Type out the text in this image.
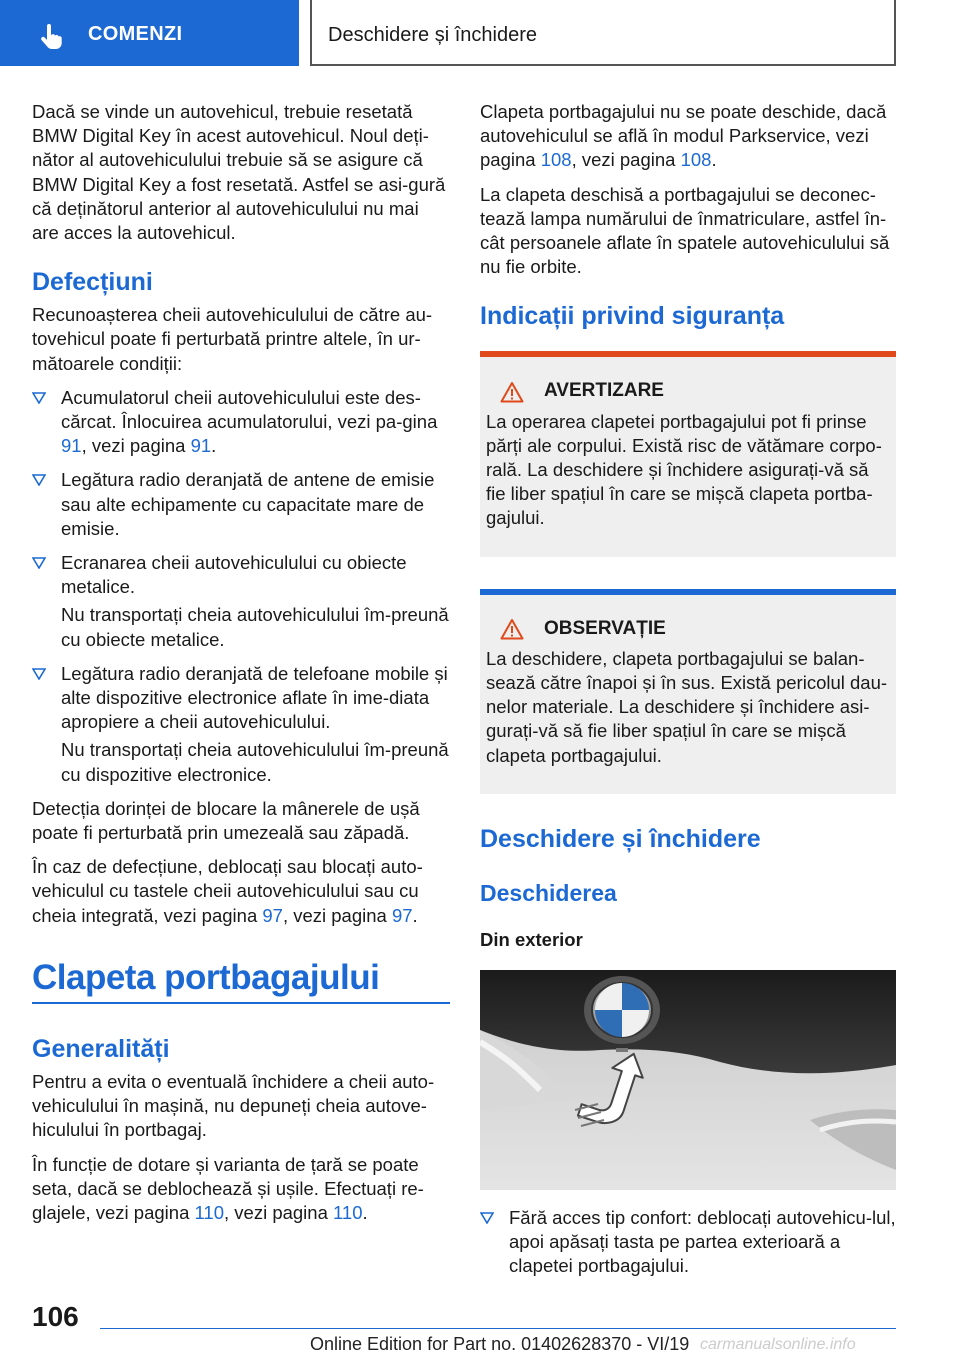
COMENZI	Deschidere și închidere

Dacă se vinde un autovehicul, trebuie resetată BMW Digital Key în acest autovehicul. Noul deți‐nător al autovehiculului trebuie să se asigure că BMW Digital Key a fost resetată. Astfel se asi‐gură că deținătorul anterior al autovehiculului nu mai are acces la autovehicul.

Defecțiuni

Recunoașterea cheii autovehiculului de către au‐tovehicul poate fi perturbată printre altele, în ur‐mătoarele condiții:

Acumulatorul cheii autovehiculului este des‐cărcat. Înlocuirea acumulatorului, vezi pa‐gina 91, vezi pagina 91.

Legătura radio deranjată de antene de emisie sau alte echipamente cu capacitate mare de emisie.

Ecranarea cheii autovehiculului cu obiecte metalice.

Nu transportați cheia autovehiculului îm‐preună cu obiecte metalice.

Legătura radio deranjată de telefoane mobile și alte dispozitive electronice aflate în ime‐diata apropiere a cheii autovehiculului.

Nu transportați cheia autovehiculului îm‐preună cu dispozitive electronice.

Detecția dorinței de blocare la mânerele de ușă poate fi perturbată prin umezeală sau zăpadă.

În caz de defecțiune, deblocați sau blocați auto‐vehiculul cu tastele cheii autovehiculului sau cu cheia integrată, vezi pagina 97, vezi pagina 97.

Clapeta portbagajului
Generalități

Pentru a evita o eventuală închidere a cheii auto‐vehiculului în mașină, nu depuneți cheia autove‐hiculului în portbagaj.

În funcție de dotare și varianta de țară se poate seta, dacă se deblochează și ușile. Efectuați re‐glajele, vezi pagina 110, vezi pagina 110.

Clapeta portbagajului nu se poate deschide, dacă autovehiculul se află în modul Parkservice, vezi pagina 108, vezi pagina 108.

La clapeta deschisă a portbagajului se deconec‐tează lampa numărului de înmatriculare, astfel în‐cât persoanele aflate în spatele autovehiculului să nu fie orbite.

Indicații privind siguranța
AVERTIZARE

La operarea clapetei portbagajului pot fi prinse părți ale corpului. Există risc de vătămare corpo‐rală. La deschidere și închidere asigurați-vă să fie liber spațiul în care se mișcă clapeta portba‐gajului.

OBSERVAȚIE

La deschidere, clapeta portbagajului se balan‐sează către înapoi și în sus. Există pericolul dau‐nelor materiale. La deschidere și închidere asi‐gurați-vă să fie liber spațiul în care se mișcă clapeta portbagajului.

Deschidere și închidere
Deschiderea
Din exterior

Fără acces tip confort: deblocați autovehicu‐lul, apoi apăsați tasta pe partea exterioară a clapetei portbagajului.

106
Online Edition for Part no. 01402628370 - VI/19 carmanualsonline.info
